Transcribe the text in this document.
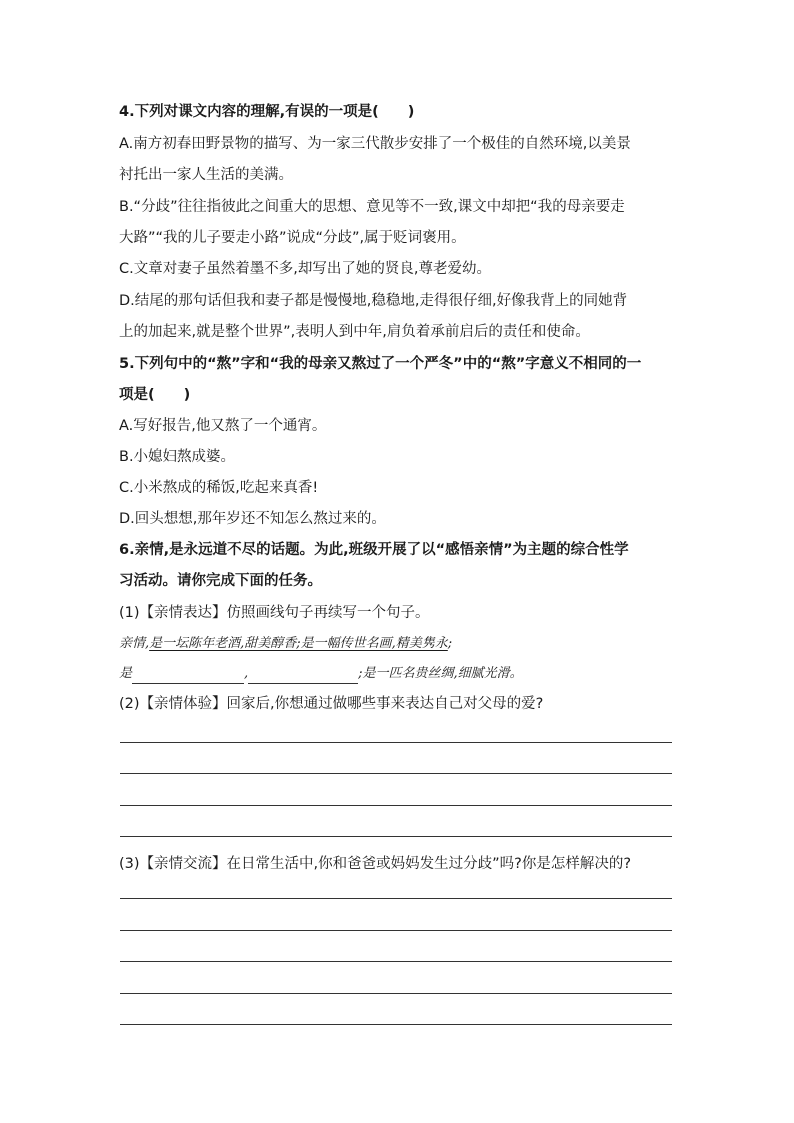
4.下列对课文内容的理解,有误的一项是(　　)
A.南方初春田野景物的描写、为一家三代散步安排了一个极佳的自然环境,以美景
衬托出一家人生活的美满。
B.“分歧”往往指彼此之间重大的思想、意见等不一致,课文中却把“我的母亲要走
大路”“我的儿子要走小路”说成“分歧”,属于贬词褒用。
C.文章对妻子虽然着墨不多,却写出了她的贤良,尊老爱幼。
D.结尾的那句话但我和妻子都是慢慢地,稳稳地,走得很仔细,好像我背上的同她背
上的加起来,就是整个世界”,表明人到中年,肩负着承前启后的责任和使命。
5.下列句中的“熬”字和“我的母亲又熬过了一个严冬”中的“熬”字意义不相同的一
项是(　　)
A.写好报告,他又熬了一个通宵。
B.小媳妇熬成婆。
C.小米熬成的稀饭,吃起来真香!
D.回头想想,那年岁还不知怎么熬过来的。
6.亲情,是永远道不尽的话题。为此,班级开展了以“感悟亲情”为主题的综合性学
习活动。请你完成下面的任务。
(1)【亲情表达】仿照画线句子再续写一个句子。
亲情,是一坛陈年老酒,甜美醇香;是一幅传世名画,精美隽永;
是	,	;是一匹名贵丝绸,细腻光滑。
(2)【亲情体验】回家后,你想通过做哪些事来表达自己对父母的爱?
(3)【亲情交流】在日常生活中,你和爸爸或妈妈发生过分歧”吗?你是怎样解决的?
